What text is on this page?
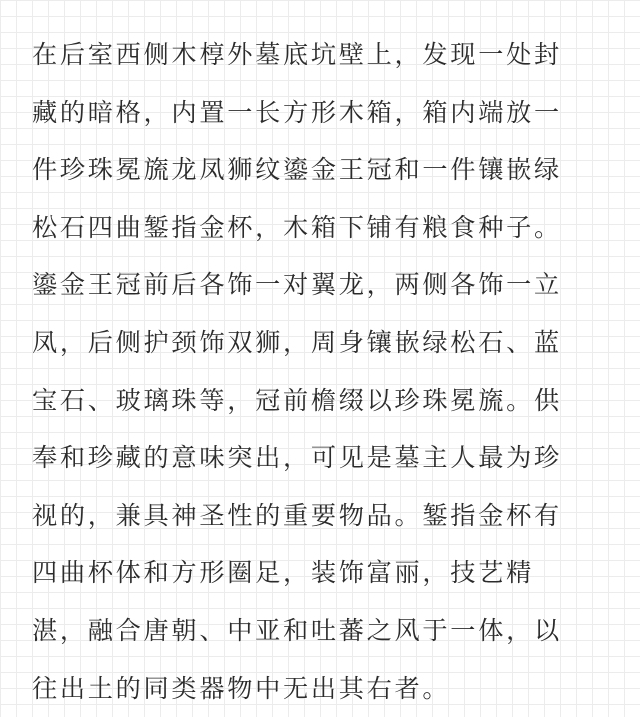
在后室西侧木椁外墓底坑壁上，发现一处封
藏的暗格，内置一长方形木箱，箱内端放一
件珍珠冕旒龙凤狮纹鎏金王冠和一件镶嵌绿
松石四曲錾指金杯，木箱下铺有粮食种子。
鎏金王冠前后各饰一对翼龙，两侧各饰一立
凤，后侧护颈饰双狮，周身镶嵌绿松石、蓝
宝石、玻璃珠等，冠前檐缀以珍珠冕旒。供
奉和珍藏的意味突出，可见是墓主人最为珍
视的，兼具神圣性的重要物品。錾指金杯有
四曲杯体和方形圈足，装饰富丽，技艺精
湛，融合唐朝、中亚和吐蕃之风于一体，以
往出土的同类器物中无出其右者。
